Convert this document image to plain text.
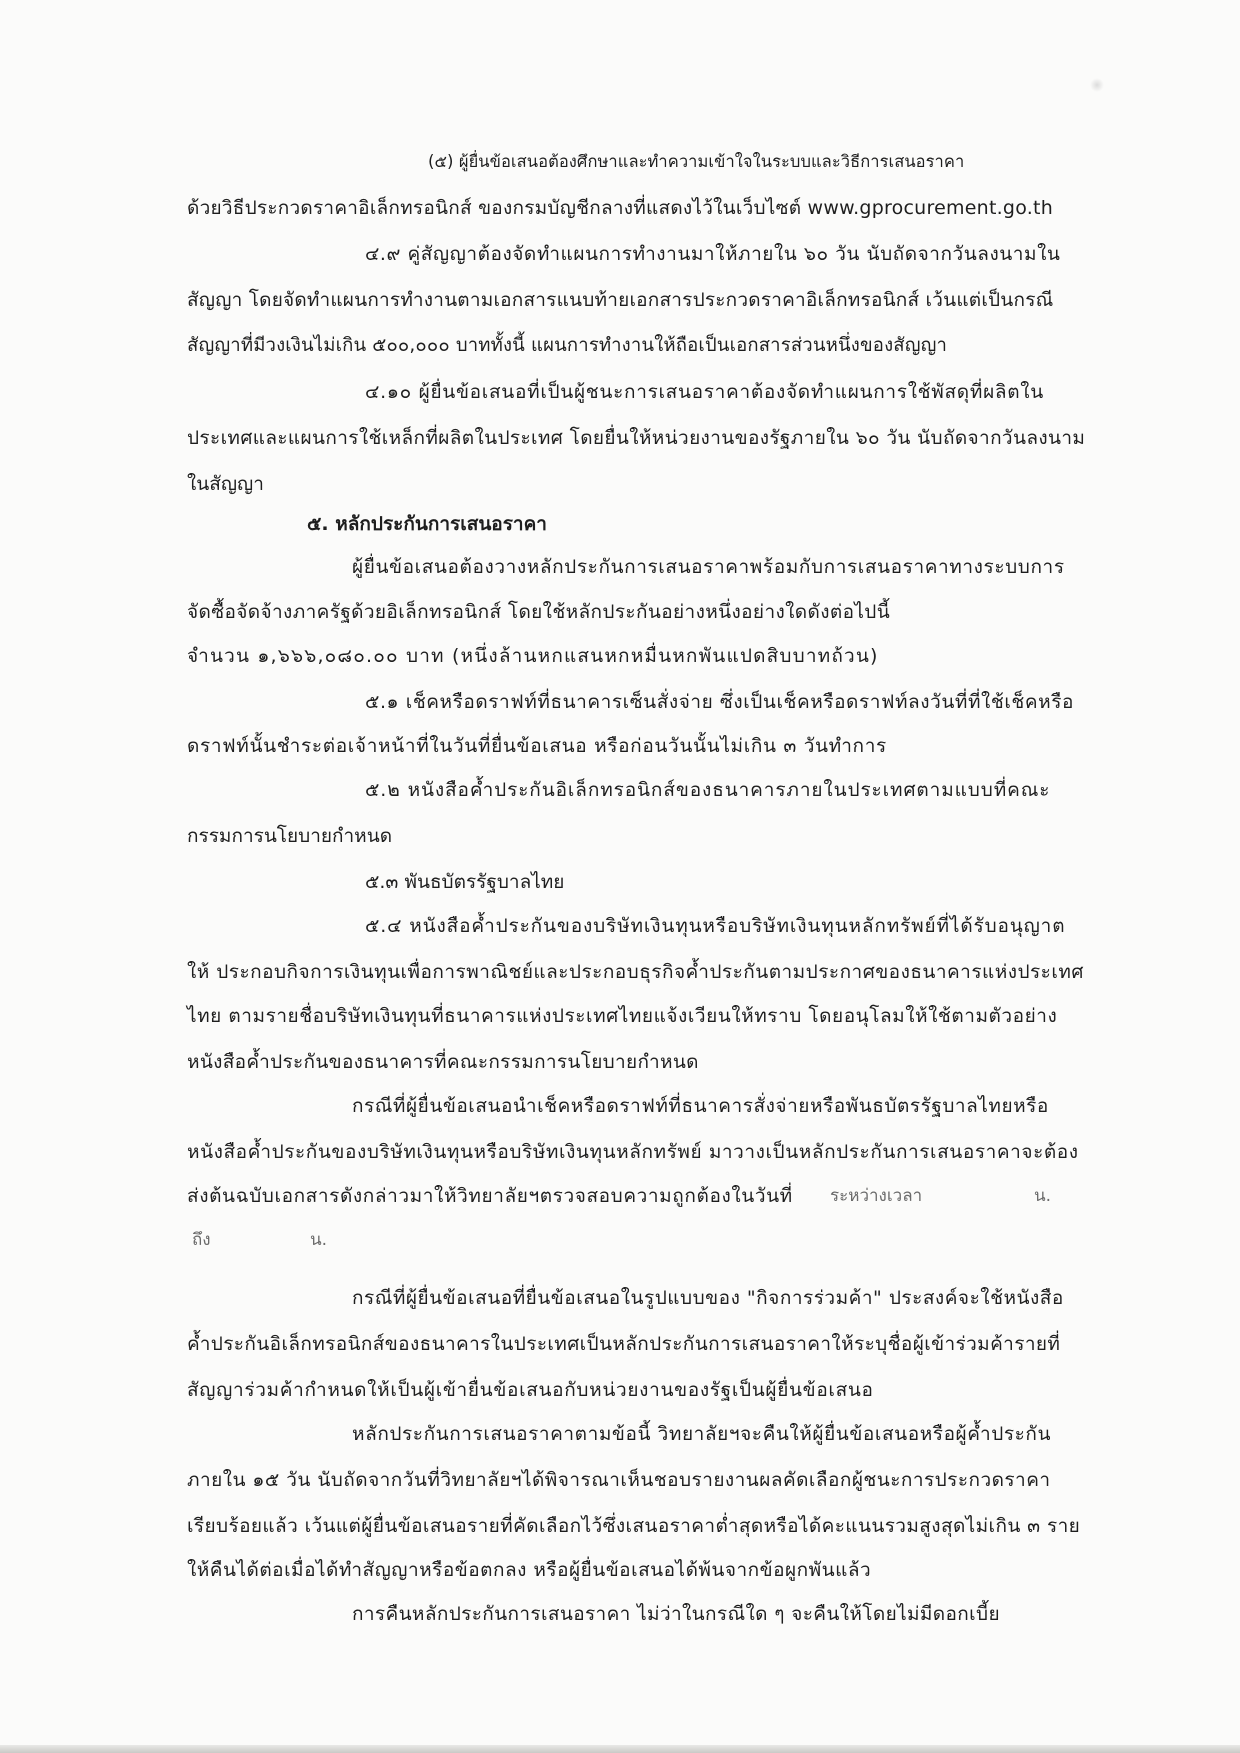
(๕) ผู้ยื่นข้อเสนอต้องศึกษาและทำความเข้าใจในระบบและวิธีการเสนอราคา

ด้วยวิธีประกวดราคาอิเล็กทรอนิกส์ ของกรมบัญชีกลางที่แสดงไว้ในเว็บไซต์ www.gprocurement.go.th

๔.๙ คู่สัญญาต้องจัดทำแผนการทำงานมาให้ภายใน ๖๐ วัน นับถัดจากวันลงนามใน

สัญญา โดยจัดทำแผนการทำงานตามเอกสารแนบท้ายเอกสารประกวดราคาอิเล็กทรอนิกส์ เว้นแต่เป็นกรณี

สัญญาที่มีวงเงินไม่เกิน ๕๐๐,๐๐๐ บาททั้งนี้ แผนการทำงานให้ถือเป็นเอกสารส่วนหนึ่งของสัญญา

๔.๑๐ ผู้ยื่นข้อเสนอที่เป็นผู้ชนะการเสนอราคาต้องจัดทำแผนการใช้พัสดุที่ผลิตใน

ประเทศและแผนการใช้เหล็กที่ผลิตในประเทศ โดยยื่นให้หน่วยงานของรัฐภายใน ๖๐ วัน นับถัดจากวันลงนาม

ในสัญญา

๕. หลักประกันการเสนอราคา

ผู้ยื่นข้อเสนอต้องวางหลักประกันการเสนอราคาพร้อมกับการเสนอราคาทางระบบการ

จัดซื้อจัดจ้างภาครัฐด้วยอิเล็กทรอนิกส์ โดยใช้หลักประกันอย่างหนึ่งอย่างใดดังต่อไปนี้

จำนวน ๑,๖๖๖,๐๘๐.๐๐ บาท (หนึ่งล้านหกแสนหกหมื่นหกพันแปดสิบบาทถ้วน)

๕.๑ เช็คหรือดราฟท์ที่ธนาคารเซ็นสั่งจ่าย ซึ่งเป็นเช็คหรือดราฟท์ลงวันที่ที่ใช้เช็คหรือ

ดราฟท์นั้นชำระต่อเจ้าหน้าที่ในวันที่ยื่นข้อเสนอ หรือก่อนวันนั้นไม่เกิน ๓ วันทำการ

๕.๒ หนังสือค้ำประกันอิเล็กทรอนิกส์ของธนาคารภายในประเทศตามแบบที่คณะ

กรรมการนโยบายกำหนด

๕.๓ พันธบัตรรัฐบาลไทย

๕.๔ หนังสือค้ำประกันของบริษัทเงินทุนหรือบริษัทเงินทุนหลักทรัพย์ที่ได้รับอนุญาต

ให้ ประกอบกิจการเงินทุนเพื่อการพาณิชย์และประกอบธุรกิจค้ำประกันตามประกาศของธนาคารแห่งประเทศ

ไทย ตามรายชื่อบริษัทเงินทุนที่ธนาคารแห่งประเทศไทยแจ้งเวียนให้ทราบ โดยอนุโลมให้ใช้ตามตัวอย่าง

หนังสือค้ำประกันของธนาคารที่คณะกรรมการนโยบายกำหนด

กรณีที่ผู้ยื่นข้อเสนอนำเช็คหรือดราฟท์ที่ธนาคารสั่งจ่ายหรือพันธบัตรรัฐบาลไทยหรือ

หนังสือค้ำประกันของบริษัทเงินทุนหรือบริษัทเงินทุนหลักทรัพย์ มาวางเป็นหลักประกันการเสนอราคาจะต้อง

ส่งต้นฉบับเอกสารดังกล่าวมาให้วิทยาลัยฯตรวจสอบความถูกต้องในวันที่ ระหว่างเวลา	น.

ถึง	น.

กรณีที่ผู้ยื่นข้อเสนอที่ยื่นข้อเสนอในรูปแบบของ "กิจการร่วมค้า" ประสงค์จะใช้หนังสือ

ค้ำประกันอิเล็กทรอนิกส์ของธนาคารในประเทศเป็นหลักประกันการเสนอราคาให้ระบุชื่อผู้เข้าร่วมค้ารายที่

สัญญาร่วมค้ากำหนดให้เป็นผู้เข้ายื่นข้อเสนอกับหน่วยงานของรัฐเป็นผู้ยื่นข้อเสนอ

หลักประกันการเสนอราคาตามข้อนี้ วิทยาลัยฯจะคืนให้ผู้ยื่นข้อเสนอหรือผู้ค้ำประกัน

ภายใน ๑๕ วัน นับถัดจากวันที่วิทยาลัยฯได้พิจารณาเห็นชอบรายงานผลคัดเลือกผู้ชนะการประกวดราคา

เรียบร้อยแล้ว เว้นแต่ผู้ยื่นข้อเสนอรายที่คัดเลือกไว้ซึ่งเสนอราคาต่ำสุดหรือได้คะแนนรวมสูงสุดไม่เกิน ๓ ราย

ให้คืนได้ต่อเมื่อได้ทำสัญญาหรือข้อตกลง หรือผู้ยื่นข้อเสนอได้พ้นจากข้อผูกพันแล้ว

การคืนหลักประกันการเสนอราคา ไม่ว่าในกรณีใด ๆ จะคืนให้โดยไม่มีดอกเบี้ย
